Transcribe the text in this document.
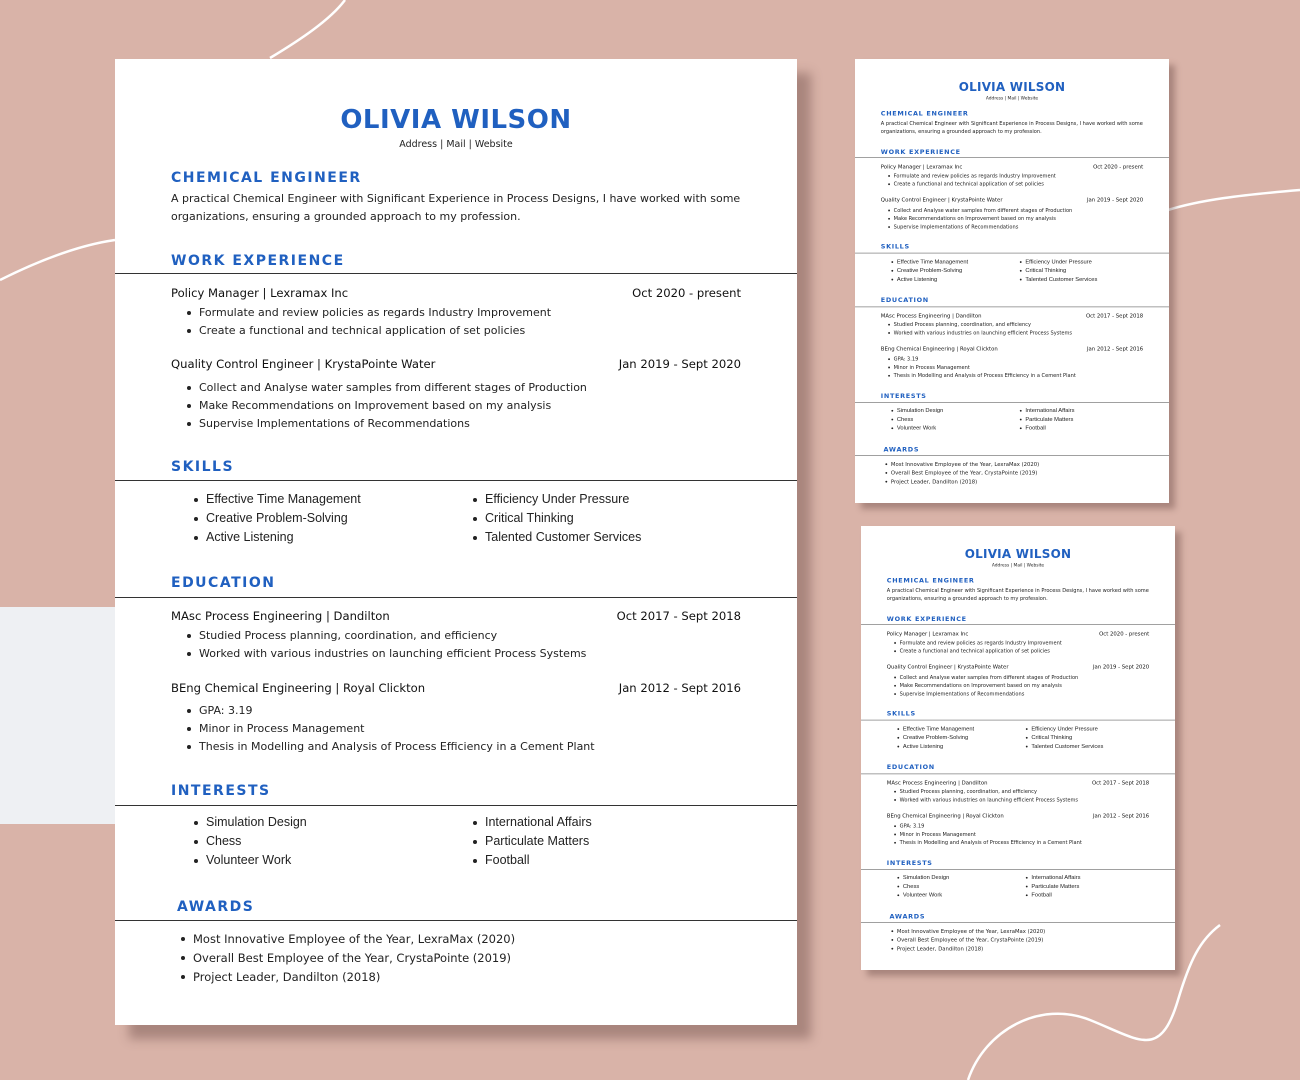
OLIVIA WILSON
Address | Mail | Website
CHEMICAL ENGINEER
A practical Chemical Engineer with Significant Experience in Process Designs, I have worked with some organizations, ensuring a grounded approach to my profession.
WORK EXPERIENCE
Policy Manager | Lexramax Inc	Oct 2020 - present
Formulate and review policies as regards Industry Improvement
Create a functional and technical application of set policies
Quality Control Engineer | KrystaPointe Water	Jan 2019 - Sept 2020
Collect and Analyse water samples from different stages of Production
Make Recommendations on Improvement based on my analysis
Supervise Implementations of Recommendations
SKILLS
Effective Time Management
Creative Problem-Solving
Active Listening
Efficiency Under Pressure
Critical Thinking
Talented Customer Services
EDUCATION
MAsc Process Engineering | Dandilton	Oct 2017 - Sept 2018
Studied Process planning, coordination, and efficiency
Worked with various industries on launching efficient Process Systems
BEng Chemical Engineering | Royal Clickton	Jan 2012 - Sept 2016
GPA: 3.19
Minor in Process Management
Thesis in Modelling and Analysis of Process Efficiency in a Cement Plant
INTERESTS
Simulation Design
Chess
Volunteer Work
International Affairs
Particulate Matters
Football
AWARDS
Most Innovative Employee of the Year, LexraMax (2020)
Overall Best Employee of the Year, CrystaPointe (2019)
Project Leader, Dandilton (2018)
OLIVIA WILSON
Address | Mail | Website
CHEMICAL ENGINEER
A practical Chemical Engineer with Significant Experience in Process Designs, I have worked with some organizations, ensuring a grounded approach to my profession.
WORK EXPERIENCE
Policy Manager | Lexramax Inc	Oct 2020 - present
Formulate and review policies as regards Industry Improvement
Create a functional and technical application of set policies
Quality Control Engineer | KrystaPointe Water	Jan 2019 - Sept 2020
Collect and Analyse water samples from different stages of Production
Make Recommendations on Improvement based on my analysis
Supervise Implementations of Recommendations
SKILLS
Effective Time Management
Creative Problem-Solving
Active Listening
Efficiency Under Pressure
Critical Thinking
Talented Customer Services
EDUCATION
MAsc Process Engineering | Dandilton	Oct 2017 - Sept 2018
Studied Process planning, coordination, and efficiency
Worked with various industries on launching efficient Process Systems
BEng Chemical Engineering | Royal Clickton	Jan 2012 - Sept 2016
GPA: 3.19
Minor in Process Management
Thesis in Modelling and Analysis of Process Efficiency in a Cement Plant
INTERESTS
Simulation Design
Chess
Volunteer Work
International Affairs
Particulate Matters
Football
AWARDS
Most Innovative Employee of the Year, LexraMax (2020)
Overall Best Employee of the Year, CrystaPointe (2019)
Project Leader, Dandilton (2018)
OLIVIA WILSON
Address | Mail | Website
CHEMICAL ENGINEER
A practical Chemical Engineer with Significant Experience in Process Designs, I have worked with some organizations, ensuring a grounded approach to my profession.
WORK EXPERIENCE
Policy Manager | Lexramax Inc	Oct 2020 - present
Formulate and review policies as regards Industry Improvement
Create a functional and technical application of set policies
Quality Control Engineer | KrystaPointe Water	Jan 2019 - Sept 2020
Collect and Analyse water samples from different stages of Production
Make Recommendations on Improvement based on my analysis
Supervise Implementations of Recommendations
SKILLS
Effective Time Management
Creative Problem-Solving
Active Listening
Efficiency Under Pressure
Critical Thinking
Talented Customer Services
EDUCATION
MAsc Process Engineering | Dandilton	Oct 2017 - Sept 2018
Studied Process planning, coordination, and efficiency
Worked with various industries on launching efficient Process Systems
BEng Chemical Engineering | Royal Clickton	Jan 2012 - Sept 2016
GPA: 3.19
Minor in Process Management
Thesis in Modelling and Analysis of Process Efficiency in a Cement Plant
INTERESTS
Simulation Design
Chess
Volunteer Work
International Affairs
Particulate Matters
Football
AWARDS
Most Innovative Employee of the Year, LexraMax (2020)
Overall Best Employee of the Year, CrystaPointe (2019)
Project Leader, Dandilton (2018)
